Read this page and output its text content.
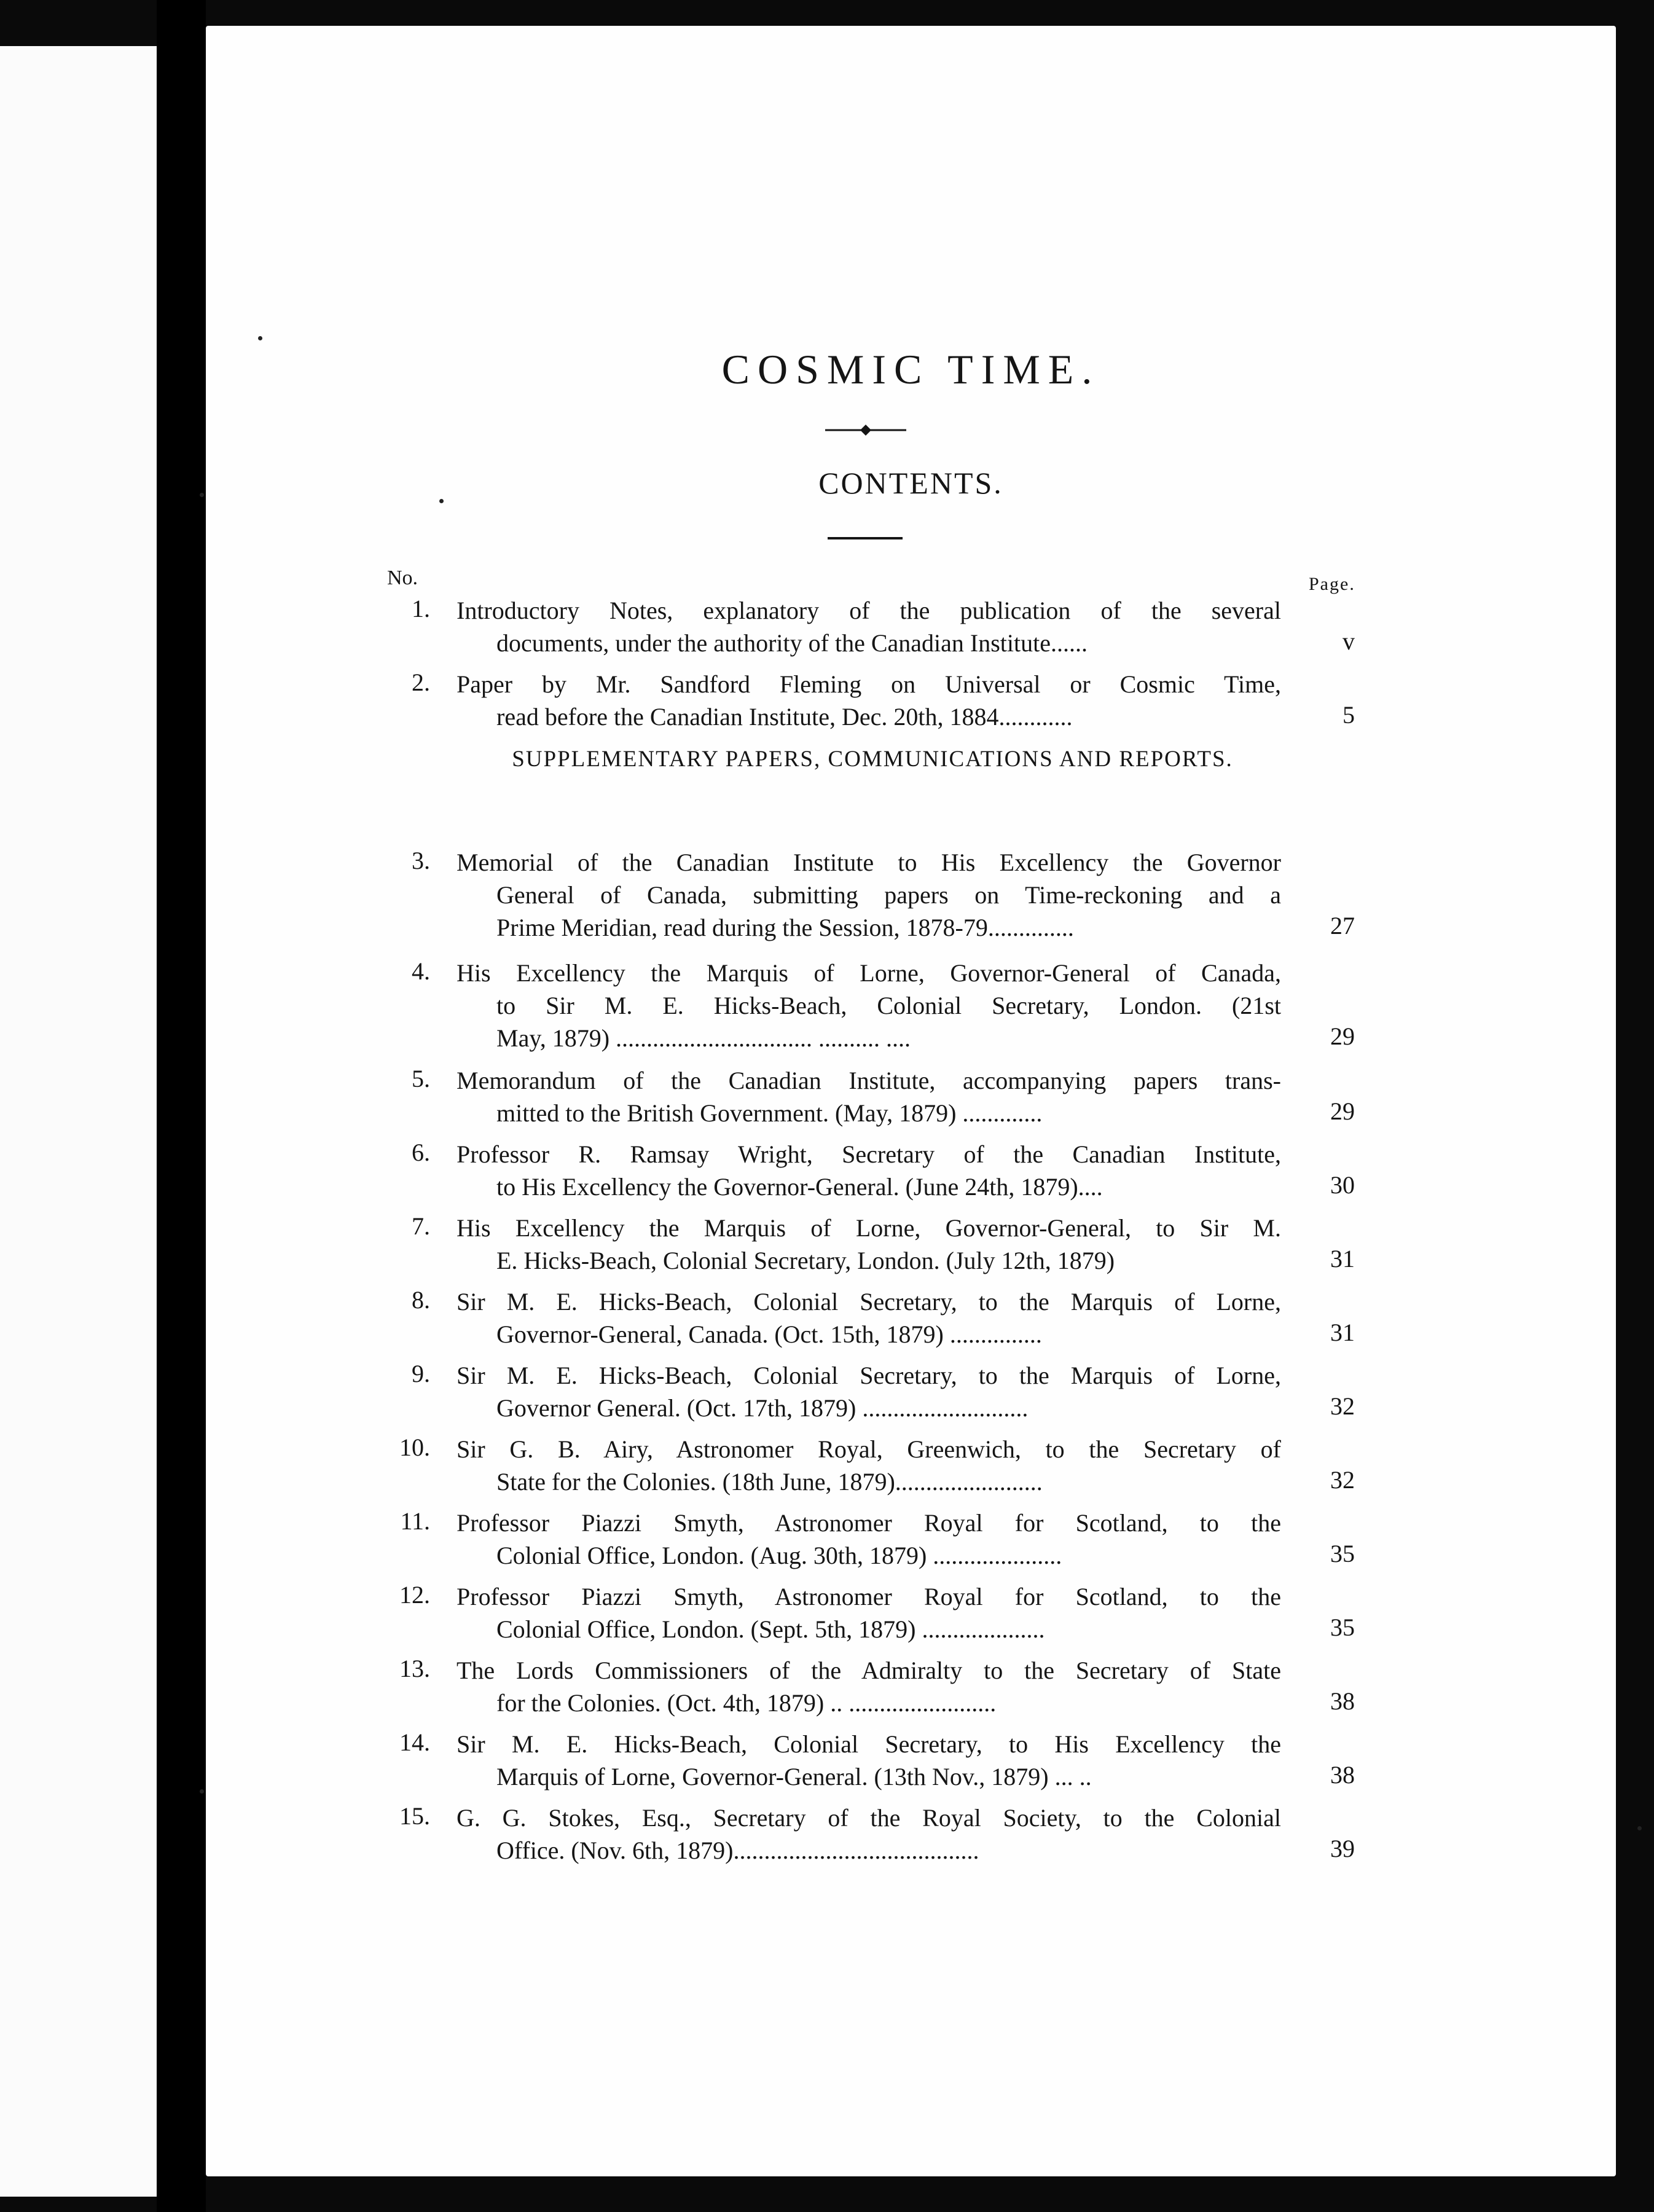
COSMIC TIME.
CONTENTS.
No.	Page.
SUPPLEMENTARY PAPERS, COMMUNICATIONS AND REPORTS.
1. Introductory Notes, explanatory of the publication of the several
documents, under the authority of the Canadian Institute......	v
2. Paper by Mr. Sandford Fleming on Universal or Cosmic Time,
read before the Canadian Institute, Dec. 20th, 1884............	5
3. Memorial of the Canadian Institute to His Excellency the Governor
General of Canada, submitting papers on Time-reckoning and a
Prime Meridian, read during the Session, 1878-79..............	27
4. His Excellency the Marquis of Lorne, Governor-General of Canada,
to Sir M. E. Hicks-Beach, Colonial Secretary, London. (21st
May, 1879) ................................ .......... ....	29
5. Memorandum of the Canadian Institute, accompanying papers trans-
mitted to the British Government. (May, 1879) .............	29
6. Professor R. Ramsay Wright, Secretary of the Canadian Institute,
to His Excellency the Governor-General. (June 24th, 1879)....	30
7. His Excellency the Marquis of Lorne, Governor-General, to Sir M.
E. Hicks-Beach, Colonial Secretary, London. (July 12th, 1879)	31
8. Sir M. E. Hicks-Beach, Colonial Secretary, to the Marquis of Lorne,
Governor-General, Canada. (Oct. 15th, 1879) ...............	31
9. Sir M. E. Hicks-Beach, Colonial Secretary, to the Marquis of Lorne,
Governor General. (Oct. 17th, 1879) ...........................	32
10. Sir G. B. Airy, Astronomer Royal, Greenwich, to the Secretary of
State for the Colonies. (18th June, 1879)........................	32
11. Professor Piazzi Smyth, Astronomer Royal for Scotland, to the
Colonial Office, London. (Aug. 30th, 1879) .....................	35
12. Professor Piazzi Smyth, Astronomer Royal for Scotland, to the
Colonial Office, London. (Sept. 5th, 1879) ....................	35
13. The Lords Commissioners of the Admiralty to the Secretary of State
for the Colonies. (Oct. 4th, 1879) .. ........................	38
14. Sir M. E. Hicks-Beach, Colonial Secretary, to His Excellency the
Marquis of Lorne, Governor-General. (13th Nov., 1879) ... ..	38
15. G. G. Stokes, Esq., Secretary of the Royal Society, to the Colonial
Office. (Nov. 6th, 1879)........................................	39
